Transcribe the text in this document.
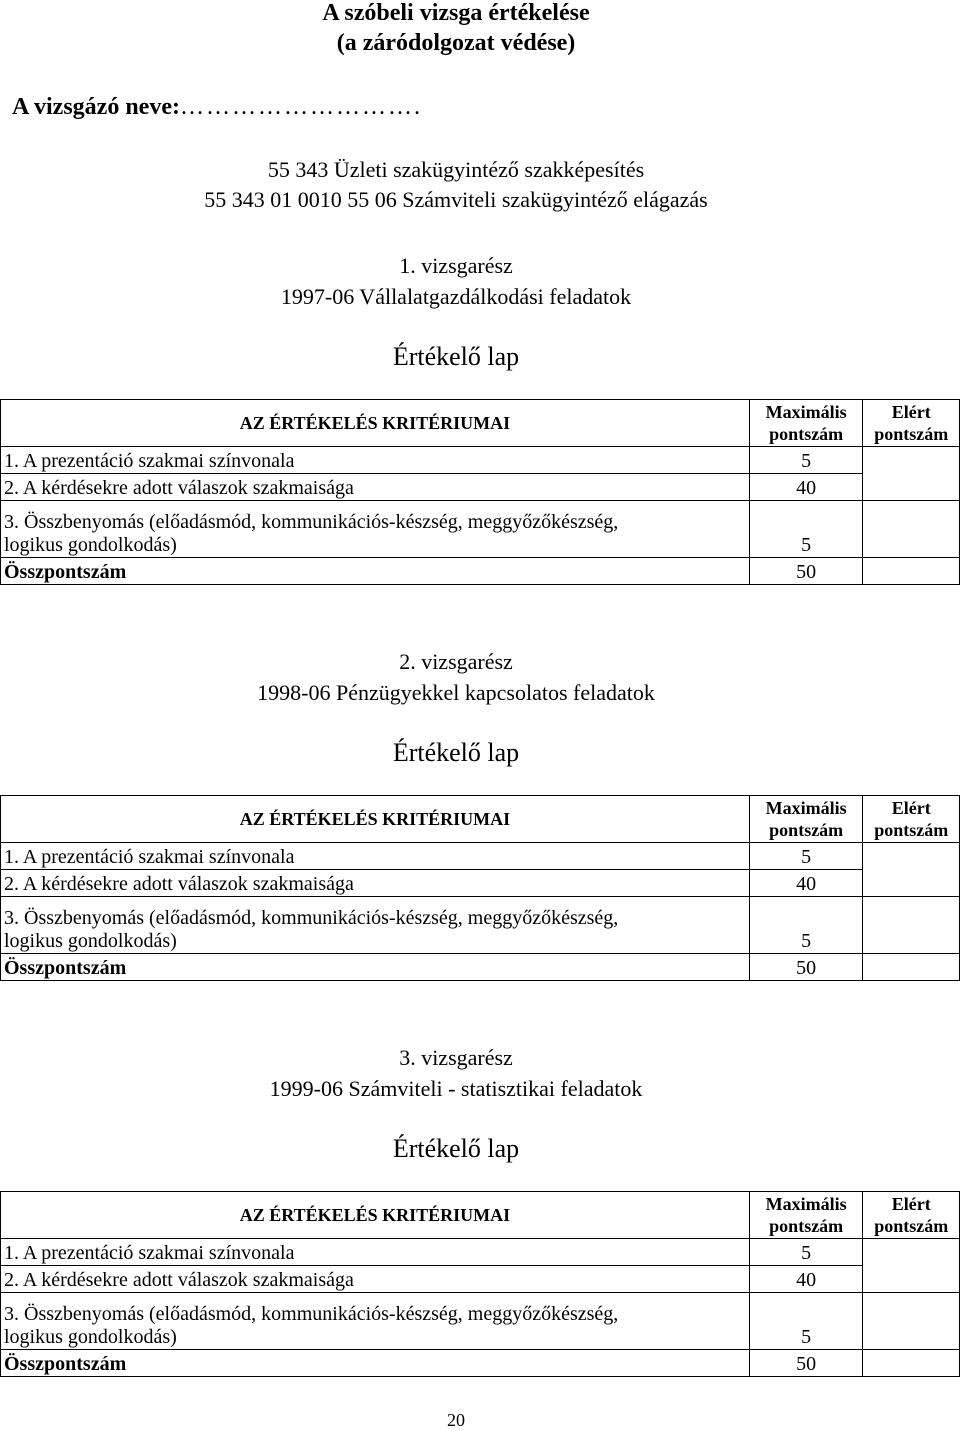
A szóbeli vizsga értékelése
(a záródolgozat védése)
A vizsgázó neve:……………………….
55 343 Üzleti szakügyintéző szakképesítés
55 343 01 0010 55 06 Számviteli szakügyintéző elágazás
1. vizsgarész
1997-06 Vállalatgazdálkodási feladatok
Értékelő lap
AZ ÉRTÉKELÉS KRITÉRIUMAI	Maximális pontszám	Elért pontszám
1. A prezentáció szakmai színvonala	5	
2. A kérdésekre adott válaszok szakmaisága	40	
3. Összbenyomás (előadásmód, kommunikációs-készség, meggyőzőkészség,
logikus gondolkodás)	5	
Összpontszám	50	
2. vizsgarész
1998-06 Pénzügyekkel kapcsolatos feladatok
Értékelő lap
AZ ÉRTÉKELÉS KRITÉRIUMAI	Maximális pontszám	Elért pontszám
1. A prezentáció szakmai színvonala	5	
2. A kérdésekre adott válaszok szakmaisága	40	
3. Összbenyomás (előadásmód, kommunikációs-készség, meggyőzőkészség,
logikus gondolkodás)	5	
Összpontszám	50	
3. vizsgarész
1999-06 Számviteli - statisztikai feladatok
Értékelő lap
AZ ÉRTÉKELÉS KRITÉRIUMAI	Maximális pontszám	Elért pontszám
1. A prezentáció szakmai színvonala	5	
2. A kérdésekre adott válaszok szakmaisága	40	
3. Összbenyomás (előadásmód, kommunikációs-készség, meggyőzőkészség,
logikus gondolkodás)	5	
Összpontszám	50	
20
